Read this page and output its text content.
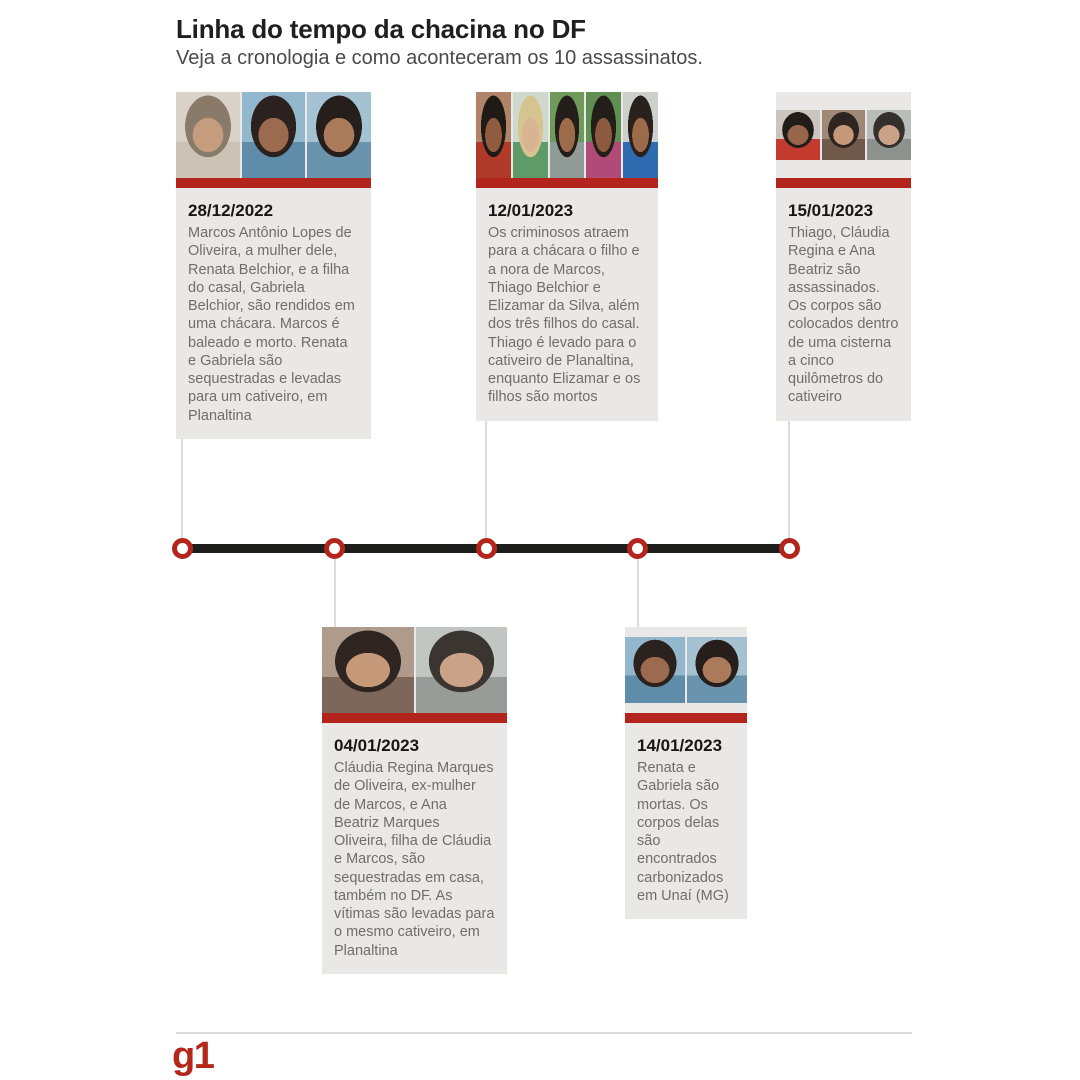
Linha do tempo da chacina no DF
Veja a cronologia e como aconteceram os 10 assassinatos.
28/12/2022
Marcos Antônio Lopes de Oliveira, a mulher dele, Renata Belchior, e a filha do casal, Gabriela Belchior, são rendidos em uma chácara. Marcos é baleado e morto. Renata e Gabriela são sequestradas e levadas para um cativeiro, em Planaltina
12/01/2023
Os criminosos atraem para a chácara o filho e a nora de Marcos, Thiago Belchior e Elizamar da Silva, além dos três filhos do casal. Thiago é levado para o cativeiro de Planaltina, enquanto Elizamar e os filhos são mortos
15/01/2023
Thiago, Cláudia Regina e Ana Beatriz são assassinados. Os corpos são colocados dentro de uma cisterna a cinco quilômetros do cativeiro
04/01/2023
Cláudia Regina Marques de Oliveira, ex-mulher de Marcos, e Ana Beatriz Marques Oliveira, filha de Cláudia e Marcos, são sequestradas em casa, também no DF. As vítimas são levadas para o mesmo cativeiro, em Planaltina
14/01/2023
Renata e Gabriela são mortas. Os corpos delas são encontrados carbonizados em Unaí (MG)
g1
